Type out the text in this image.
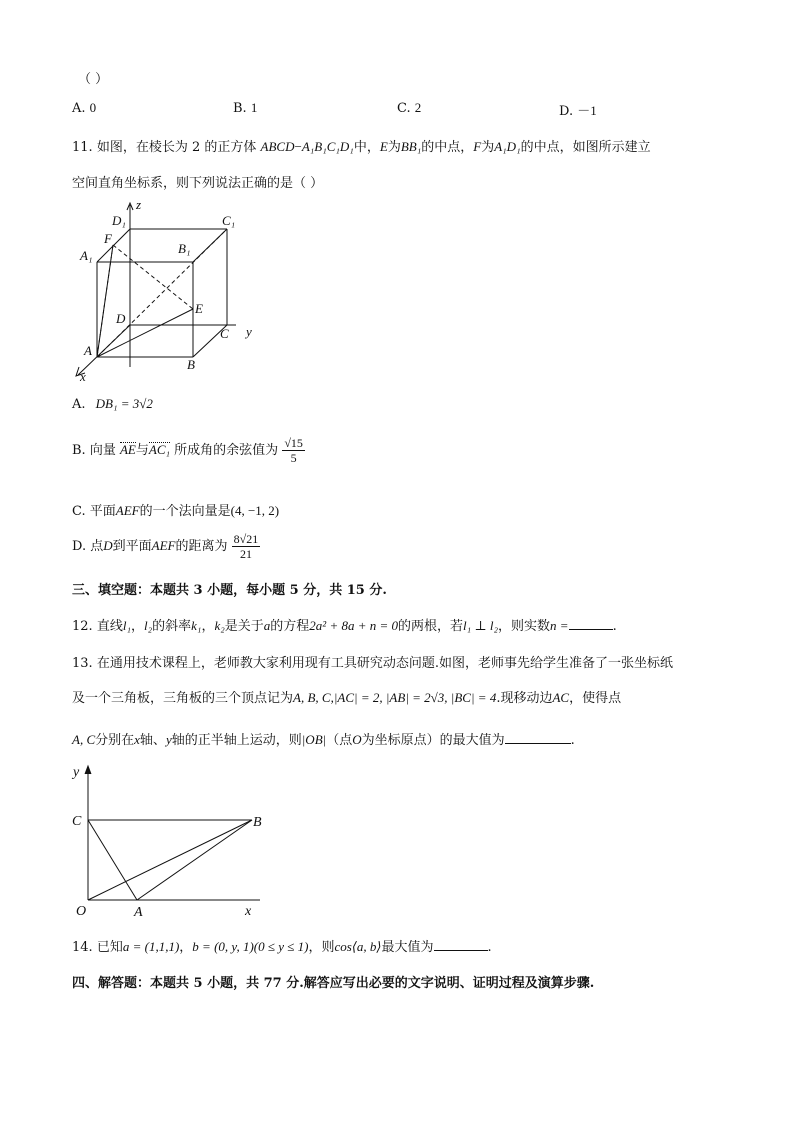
（ ）
A. 0	B. 1	C. 2	D. －1
11. 如图，在棱长为 2 的正方体 ABCD−A₁B₁C₁D₁中，E为BB₁的中点，F为A₁D₁的中点，如图所示建立
空间直角坐标系，则下列说法正确的是（ ）
z
D₁	C₁
F
B₁
A₁
E
D
C y
A
B
x
A. DB₁ = 3√2
B. 向量 AE与AC₁ 所成角的余弦值为 $\frac{√15}{5}$
C. 平面AEF的一个法向量是(4, −1, 2)
D. 点D到平面AEF的距离为 $\frac{8√21}{21}$
三、填空题：本题共 3 小题，每小题 5 分，共 15 分.
12. 直线l₁，l₂的斜率k₁，k₂是关于a的方程2a² + 8a + n = 0的两根，若l₁ ⊥ l₂，则实数n =	.
13. 在通用技术课程上，老师教大家利用现有工具研究动态问题.如图，老师事先给学生准备了一张坐标纸
及一个三角板，三角板的三个顶点记为A, B, C,|AC| = 2, |AB| = 2√3, |BC| = 4.现移动边AC，使得点
A, C分别在x轴、y轴的正半轴上运动，则|OB|（点O为坐标原点）的最大值为	.
y
C	B
O	A	x
14. 已知a = (1,1,1)，b = (0, y, 1)(0 ≤ y ≤ 1)，则cos⟨a, b⟩最大值为	.
四、解答题：本题共 5 小题，共 77 分.解答应写出必要的文字说明、证明过程及演算步骤.
